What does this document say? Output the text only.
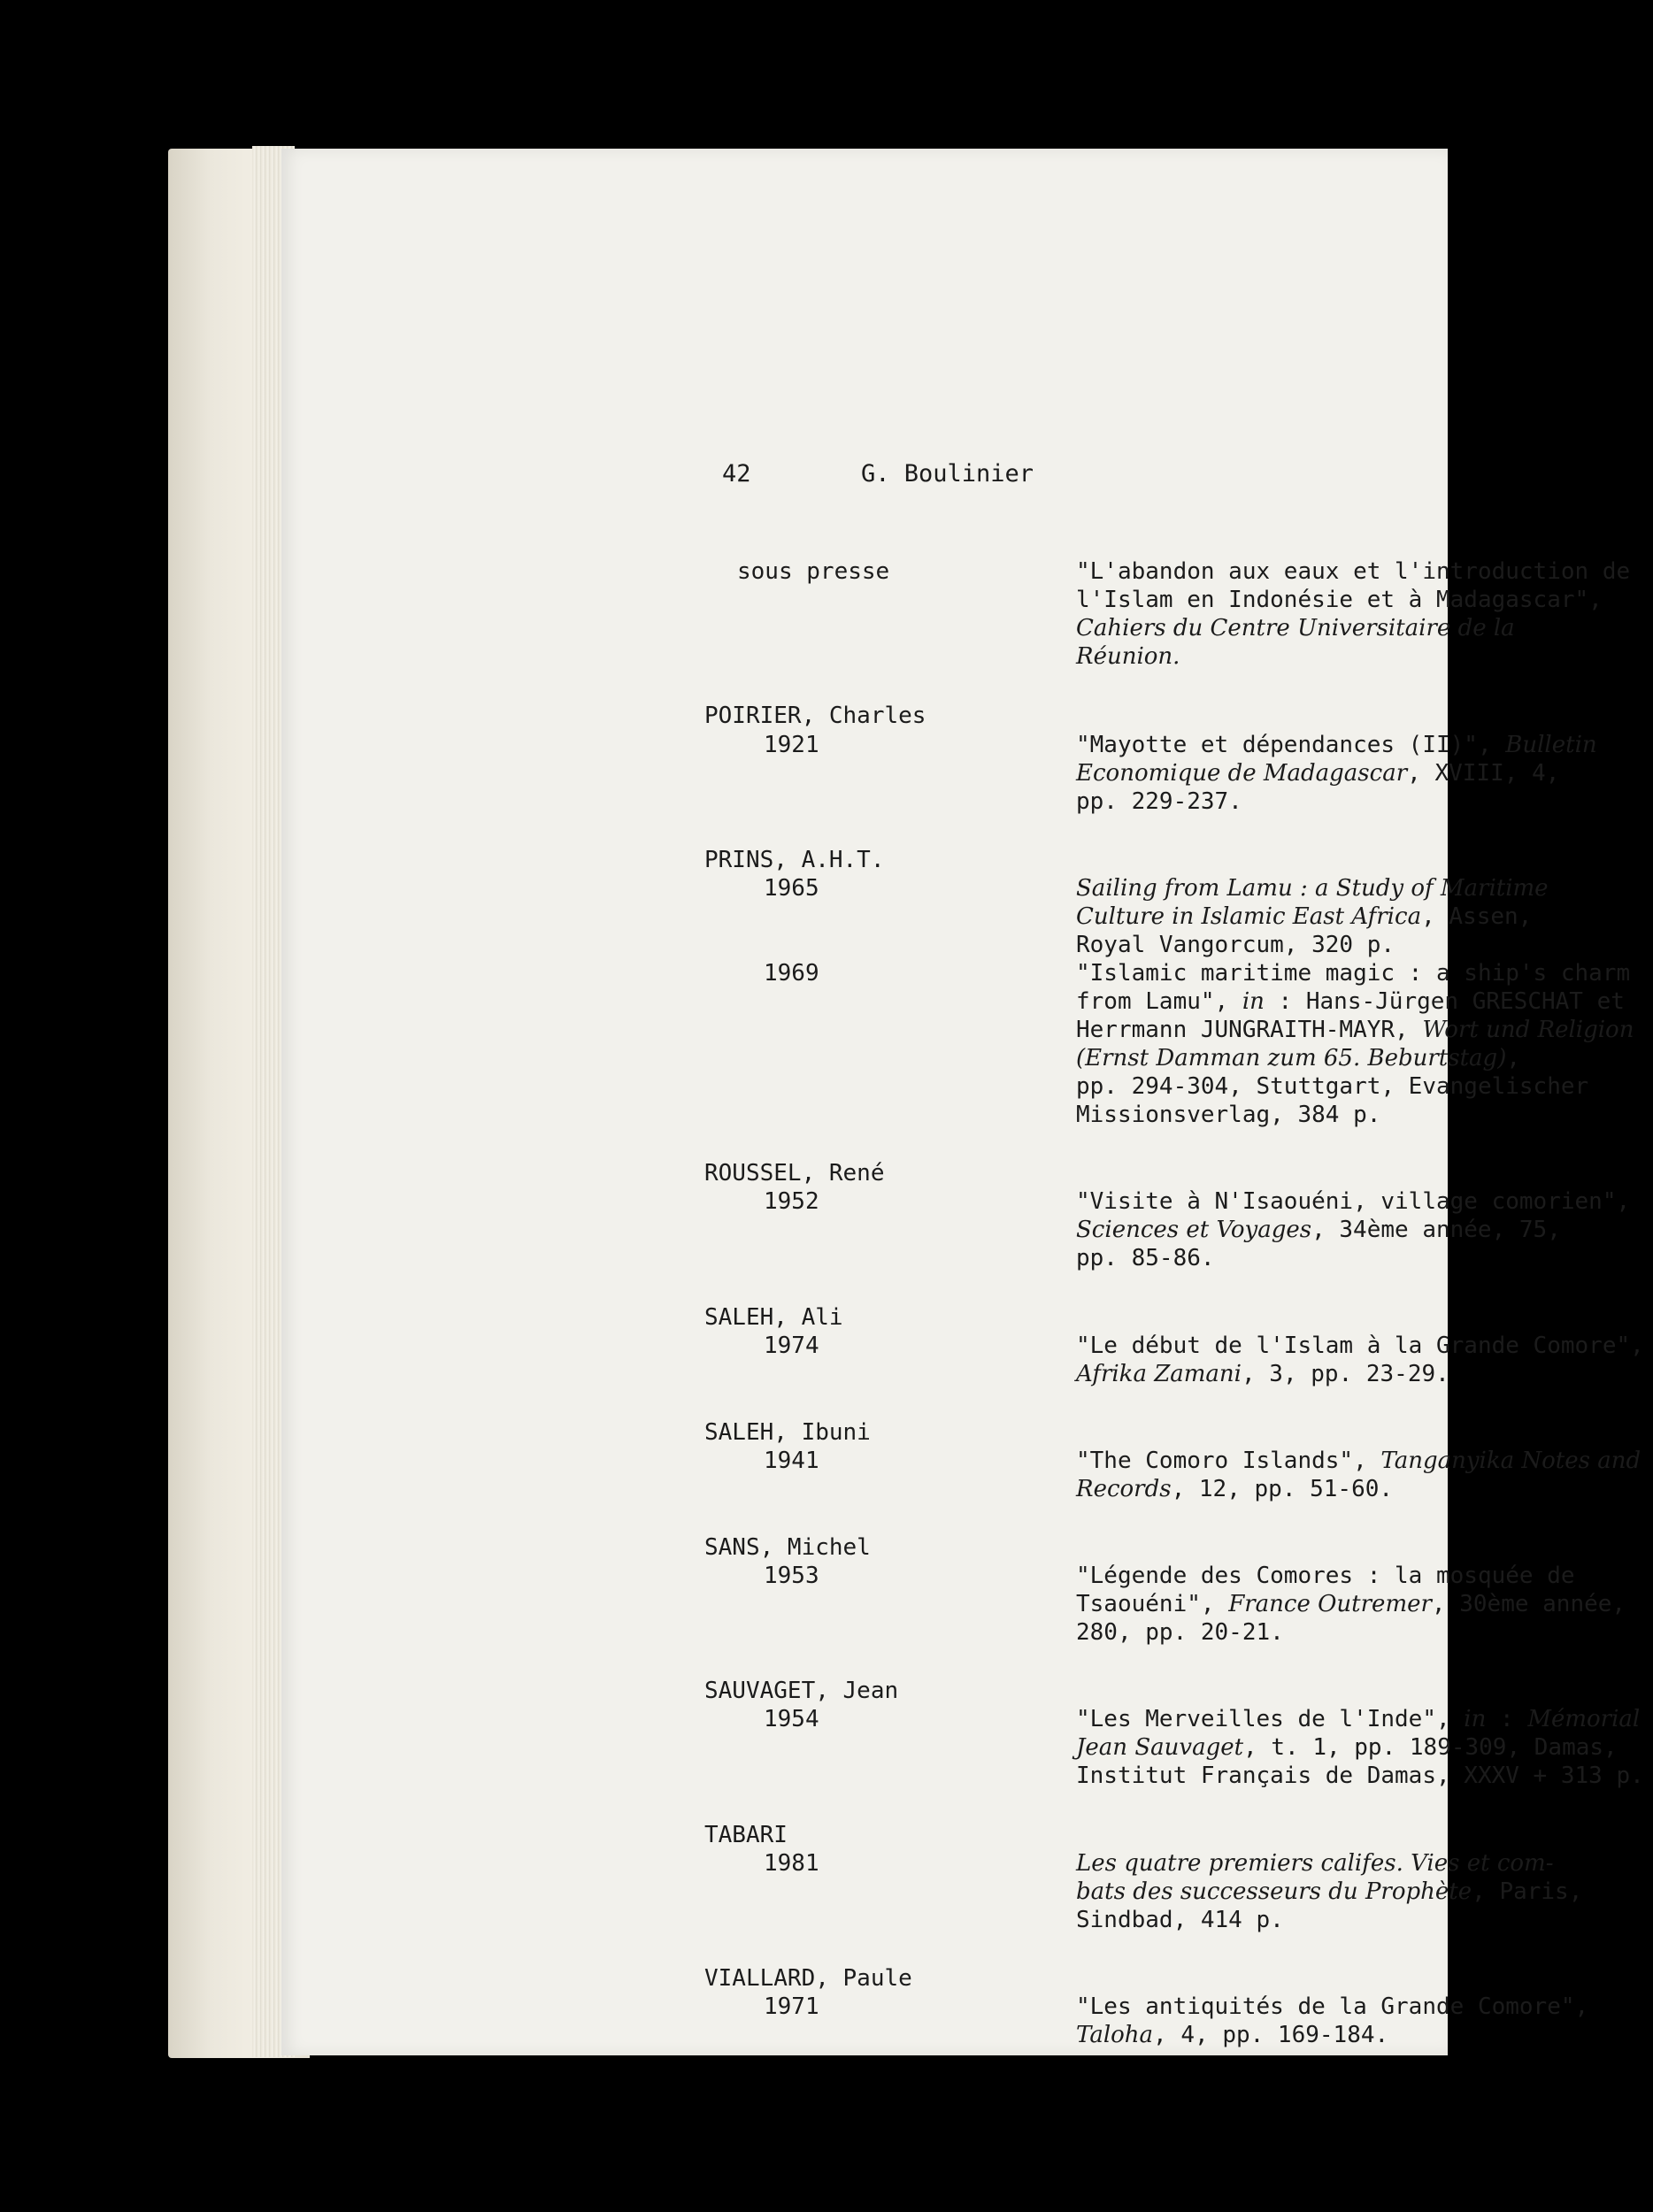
42	G. Boulinier
sous presse	"L'abandon aux eaux et l'introduction de
l'Islam en Indonésie et à Madagascar",
Cahiers du Centre Universitaire de la
Réunion.
POIRIER, Charles
1921	"Mayotte et dépendances (II)", Bulletin
Economique de Madagascar, XVIII, 4,
pp. 229-237.
PRINS, A.H.T.
1965	Sailing from Lamu : a Study of Maritime
Culture in Islamic East Africa, Assen,
Royal Vangorcum, 320 p.
1969	"Islamic maritime magic : a ship's charm
from Lamu", in : Hans-Jürgen GRESCHAT et
Herrmann JUNGRAITH-MAYR, Wort und Religion
(Ernst Damman zum 65. Beburtstag),
pp. 294-304, Stuttgart, Evangelischer
Missionsverlag, 384 p.
ROUSSEL, René
1952	"Visite à N'Isaouéni, village comorien",
Sciences et Voyages, 34ème année, 75,
pp. 85-86.
SALEH, Ali
1974	"Le début de l'Islam à la Grande Comore",
Afrika Zamani, 3, pp. 23-29.
SALEH, Ibuni
1941	"The Comoro Islands", Tanganyika Notes and
Records, 12, pp. 51-60.
SANS, Michel
1953	"Légende des Comores : la mosquée de
Tsaouéni", France Outremer, 30ème année,
280, pp. 20-21.
SAUVAGET, Jean
1954	"Les Merveilles de l'Inde", in : Mémorial
Jean Sauvaget, t. 1, pp. 189-309, Damas,
Institut Français de Damas, XXXV + 313 p.
TABARI
1981	Les quatre premiers califes. Vies et com-
bats des successeurs du Prophète, Paris,
Sindbad, 414 p.
VIALLARD, Paule
1971	"Les antiquités de la Grande Comore",
Taloha, 4, pp. 169-184.
